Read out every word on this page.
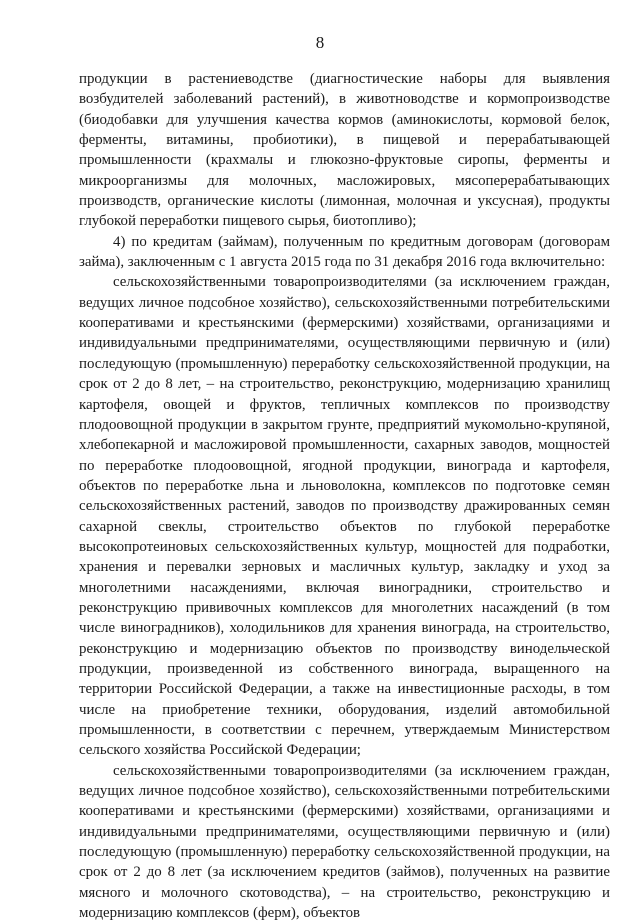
8

продукции в растениеводстве (диагностические наборы для выявления возбудителей заболеваний растений), в животноводстве и кормопроизводстве (биодобавки для улучшения качества кормов (аминокислоты, кормовой белок, ферменты, витамины, пробиотики), в пищевой и перерабатывающей промышленности (крахмалы и глюкозно-фруктовые сиропы, ферменты и микроорганизмы для молочных, масложировых, мясоперерабатывающих производств, органические кислоты (лимонная, молочная и уксусная), продукты глубокой переработки пищевого сырья, биотопливо);

4) по кредитам (займам), полученным по кредитным договорам (договорам займа), заключенным с 1 августа 2015 года по 31 декабря 2016 года включительно:

сельскохозяйственными товаропроизводителями (за исключением граждан, ведущих личное подсобное хозяйство), сельскохозяйственными потребительскими кооперативами и крестьянскими (фермерскими) хозяйствами, организациями и индивидуальными предпринимателями, осуществляющими первичную и (или) последующую (промышленную) переработку сельскохозяйственной продукции, на срок от 2 до 8 лет, – на строительство, реконструкцию, модернизацию хранилищ картофеля, овощей и фруктов, тепличных комплексов по производству плодоовощной продукции в закрытом грунте, предприятий мукомольно-крупяной, хлебопекарной и масложировой промышленности, сахарных заводов, мощностей по переработке плодоовощной, ягодной продукции, винограда и картофеля, объектов по переработке льна и льноволокна, комплексов по подготовке семян сельскохозяйственных растений, заводов по производству дражированных семян сахарной свеклы, строительство объектов по глубокой переработке высокопротеиновых сельскохозяйственных культур, мощностей для подработки, хранения и перевалки зерновых и масличных культур, закладку и уход за многолетними насаждениями, включая виноградники, строительство и реконструкцию прививочных комплексов для многолетних насаждений (в том числе виноградников), холодильников для хранения винограда, на строительство, реконструкцию и модернизацию объектов по производству винодельческой продукции, произведенной из собственного винограда, выращенного на территории Российской Федерации, а также на инвестиционные расходы, в том числе на приобретение техники, оборудования, изделий автомобильной промышленности, в соответствии с перечнем, утверждаемым Министерством сельского хозяйства Российской Федерации;

сельскохозяйственными товаропроизводителями (за исключением граждан, ведущих личное подсобное хозяйство), сельскохозяйственными потребительскими кооперативами и крестьянскими (фермерскими) хозяйствами, организациями и индивидуальными предпринимателями, осуществляющими первичную и (или) последующую (промышленную) переработку сельскохозяйственной продукции, на срок от 2 до 8 лет (за исключением кредитов (займов), полученных на развитие мясного и молочного скотоводства), – на строительство, реконструкцию и модернизацию комплексов (ферм), объектов
